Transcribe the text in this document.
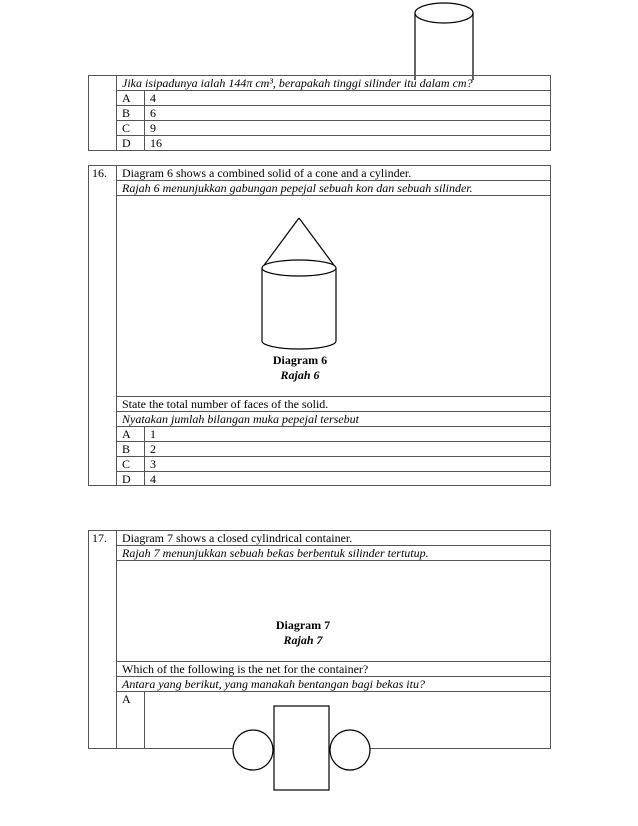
Jika isipadunya ialah 144π cm³, berapakah tinggi silinder itu dalam cm?
A 4
B 6
C 9
D 16
16. Diagram 6 shows a combined solid of a cone and a cylinder.
Rajah 6 menunjukkan gabungan pepejal sebuah kon dan sebuah silinder.
Diagram 6
Rajah 6
State the total number of faces of the solid.
Nyatakan jumlah bilangan muka pepejal tersebut
A 1
B 2
C 3
D 4
17. Diagram 7 shows a closed cylindrical container.
Rajah 7 menunjukkan sebuah bekas berbentuk silinder tertutup.
Diagram 7
Rajah 7
Which of the following is the net for the container?
Antara yang berikut, yang manakah bentangan bagi bekas itu?
A
